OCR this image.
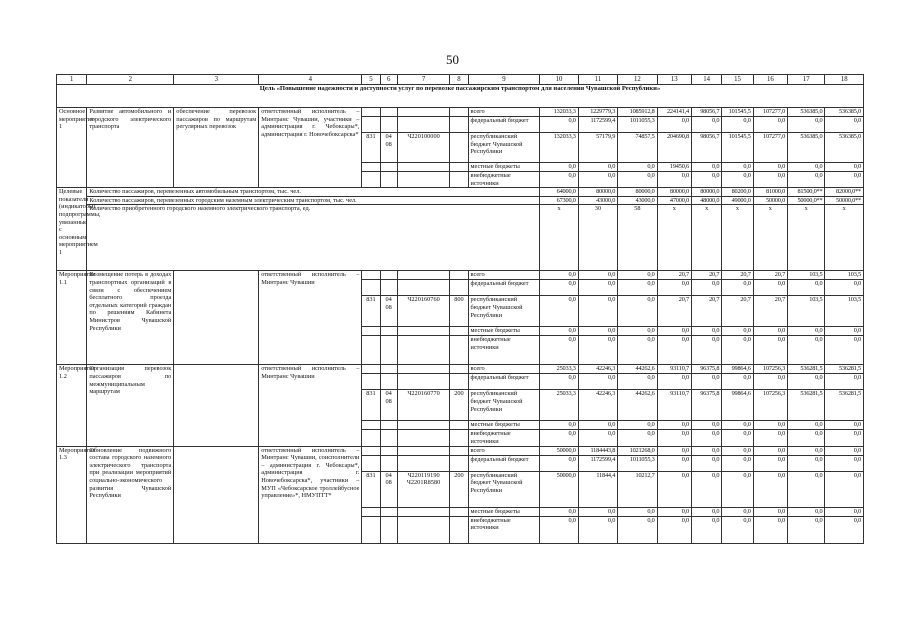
50
1	2	3	4	5	6	7	8	9	10	11	12	13	14	15	16	17	18
Цель «Повышение надежности и доступности услуг по перевозке пассажирским транспортом для населения Чувашской Республики»																	
Основное мероприятие 1	Развитие автомобильного и городского электрического транспорта	обеспечение перевозок пассажиров по маршрутам регулярных перевозок	ответственный исполнитель – Минтранс Чувашии, участники – администрация г. Чебоксары*, администрация г. Новочебоксарска*					всего	132033,3	1229779,3	1085912,8	224141,4	98056,7	101545,5	107277,0	536385,0	536385,0
								федеральный бюджет	0,0	1172599,4	1011055,3	0,0	0,0	0,0	0,0	0,0	0,0
				831	04 08	Ч220100000		республиканский бюджет Чувашской Республики	132033,3	57179,9	74857,5	204690,8	98056,7	101545,5	107277,0	536385,0	536385,0
								местные бюджеты	0,0	0,0	0,0	19450,6	0,0	0,0	0,0	0,0	0,0
								внебюджетные источники	0,0	0,0	0,0	0,0	0,0	0,0	0,0	0,0	0,0
Целевые показатели (индикаторы) подпрограммы, увязанные с основным мероприятием 1	Количество пассажиров, перевезенных автомобильным транспортом, тыс. чел.								64000,0	80000,0	80000,0	80000,0	80000,0	80200,0	81000,0	81500,0**	82000,0**
	Количество пассажиров, перевезенных городским наземным электрическим транспортом, тыс. чел.								67300,0	43000,0	43000,0	47000,0	48000,0	49000,0	50000,0	50000,0**	50000,0**
	Количество приобретенного городского наземного электрического транспорта, ед.								х	30	58	х	х	х	х	х	х
Мероприятие 1.1	Возмещение потерь в доходах транспортных организаций в связи с обеспечением бесплатного проезда отдельных категорий граждан по решениям Кабинета Министров Чувашской Республики		ответственный исполнитель – Минтранс Чувашии					всего	0,0	0,0	0,0	20,7	20,7	20,7	20,7	103,5	103,5
								федеральный бюджет	0,0	0,0	0,0	0,0	0,0	0,0	0,0	0,0	0,0
				831	04 08	Ч220160760	800	республиканский бюджет Чувашской Республики	0,0	0,0	0,0	20,7	20,7	20,7	20,7	103,5	103,5
								местные бюджеты	0,0	0,0	0,0	0,0	0,0	0,0	0,0	0,0	0,0
								внебюджетные источники	0,0	0,0	0,0	0,0	0,0	0,0	0,0	0,0	0,0
Мероприятие 1.2	Организация перевозок пассажиров по межмуниципальным маршрутам		ответственный исполнитель – Минтранс Чувашии					всего	25033,3	42246,3	44262,6	93110,7	96375,8	99864,6	107256,3	536281,5	536281,5
								федеральный бюджет	0,0	0,0	0,0	0,0	0,0	0,0	0,0	0,0	0,0
				831	04 08	Ч220160770	200	республиканский бюджет Чувашской Республики	25033,3	42246,3	44262,6	93110,7	96375,8	99864,6	107256,3	536281,5	536281,5
								местные бюджеты	0,0	0,0	0,0	0,0	0,0	0,0	0,0	0,0	0,0
								внебюджетные источники	0,0	0,0	0,0	0,0	0,0	0,0	0,0	0,0	0,0
Мероприятие 1.3	Обновление подвижного состава городского наземного электрического транспорта при реализации мероприятий социально-экономического развития Чувашской Республики		ответственный исполнитель – Минтранс Чувашии, соисполнители – администрация г. Чебоксары*, администрация г. Новочебоксарска*, участники – МУП «Чебоксарское троллейбусное управление»*, НМУПТТ*					всего	50000,0	1184443,8	1021268,0	0,0	0,0	0,0	0,0	0,0	0,0
								федеральный бюджет	0,0	1172599,4	1011055,3	0,0	0,0	0,0	0,0	0,0	0,0
				831	04 08	Ч220119190 Ч2201R8580	200	республиканский бюджет Чувашской Республики	50000,0	11844,4	10212,7	0,0	0,0	0,0	0,0	0,0	0,0
								местные бюджеты	0,0	0,0	0,0	0,0	0,0	0,0	0,0	0,0	0,0
								внебюджетные источники	0,0	0,0	0,0	0,0	0,0	0,0	0,0	0,0	0,0
